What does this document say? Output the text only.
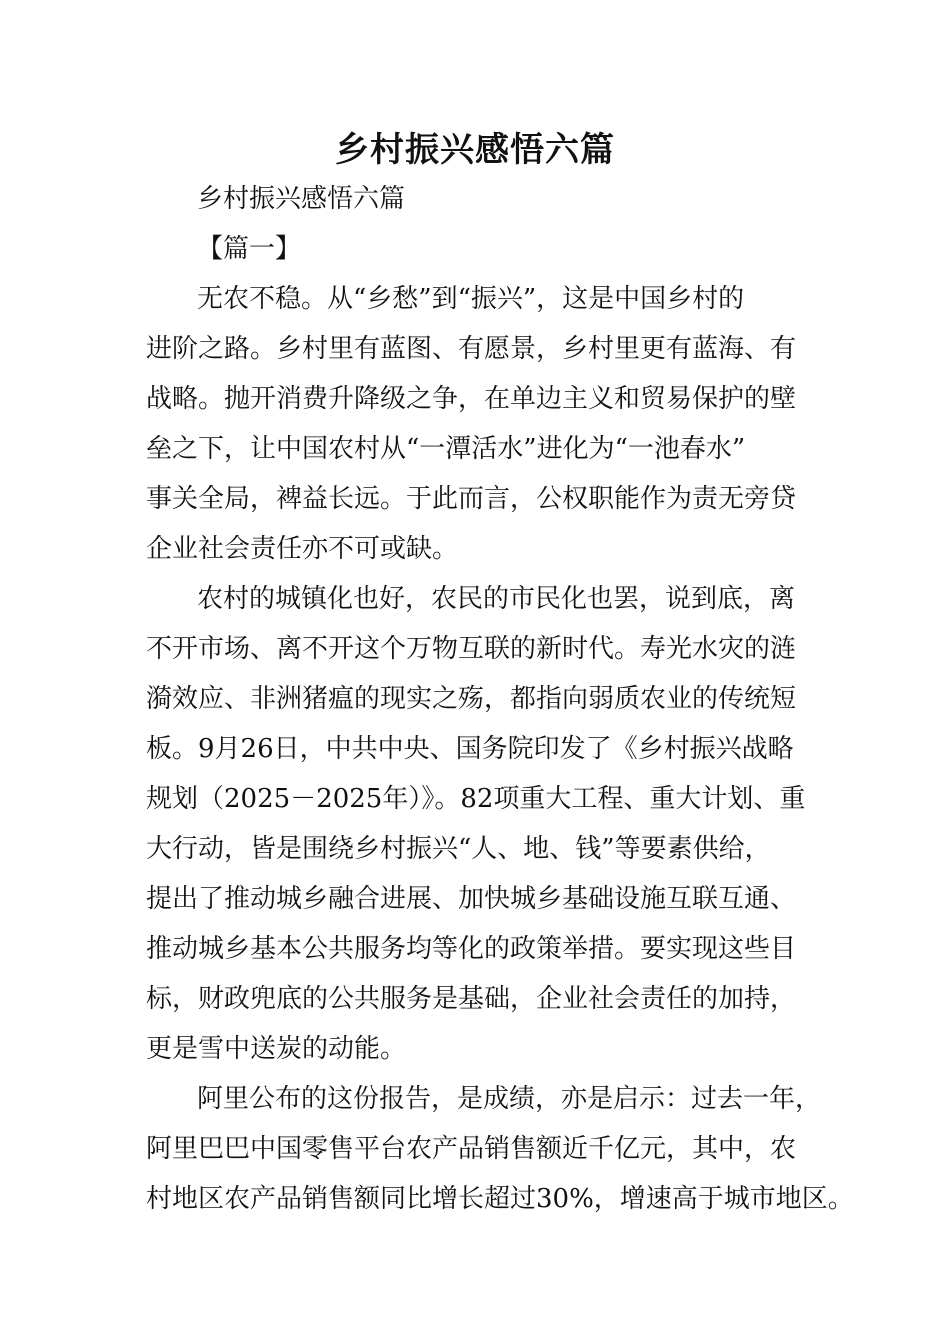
乡村振兴感悟六篇

乡村振兴感悟六篇

【篇一】

无农不稳。从“乡愁”到“振兴”，这是中国乡村的

进阶之路。乡村里有蓝图、有愿景，乡村里更有蓝海、有

战略。抛开消费升降级之争，在单边主义和贸易保护的壁

垒之下，让中国农村从“一潭活水”进化为“一池春水”

事关全局，裨益长远。于此而言，公权职能作为责无旁贷

企业社会责任亦不可或缺。

农村的城镇化也好，农民的市民化也罢，说到底，离

不开市场、离不开这个万物互联的新时代。寿光水灾的涟

漪效应、非洲猪瘟的现实之殇，都指向弱质农业的传统短

板。9月26日，中共中央、国务院印发了《乡村振兴战略

规划（2025－2025年）》。82项重大工程、重大计划、重

大行动，皆是围绕乡村振兴“人、地、钱”等要素供给，

提出了推动城乡融合进展、加快城乡基础设施互联互通、

推动城乡基本公共服务均等化的政策举措。要实现这些目

标，财政兜底的公共服务是基础，企业社会责任的加持，

更是雪中送炭的动能。

阿里公布的这份报告，是成绩，亦是启示：过去一年，

阿里巴巴中国零售平台农产品销售额近千亿元，其中，农

村地区农产品销售额同比增长超过30%，增速高于城市地区。
